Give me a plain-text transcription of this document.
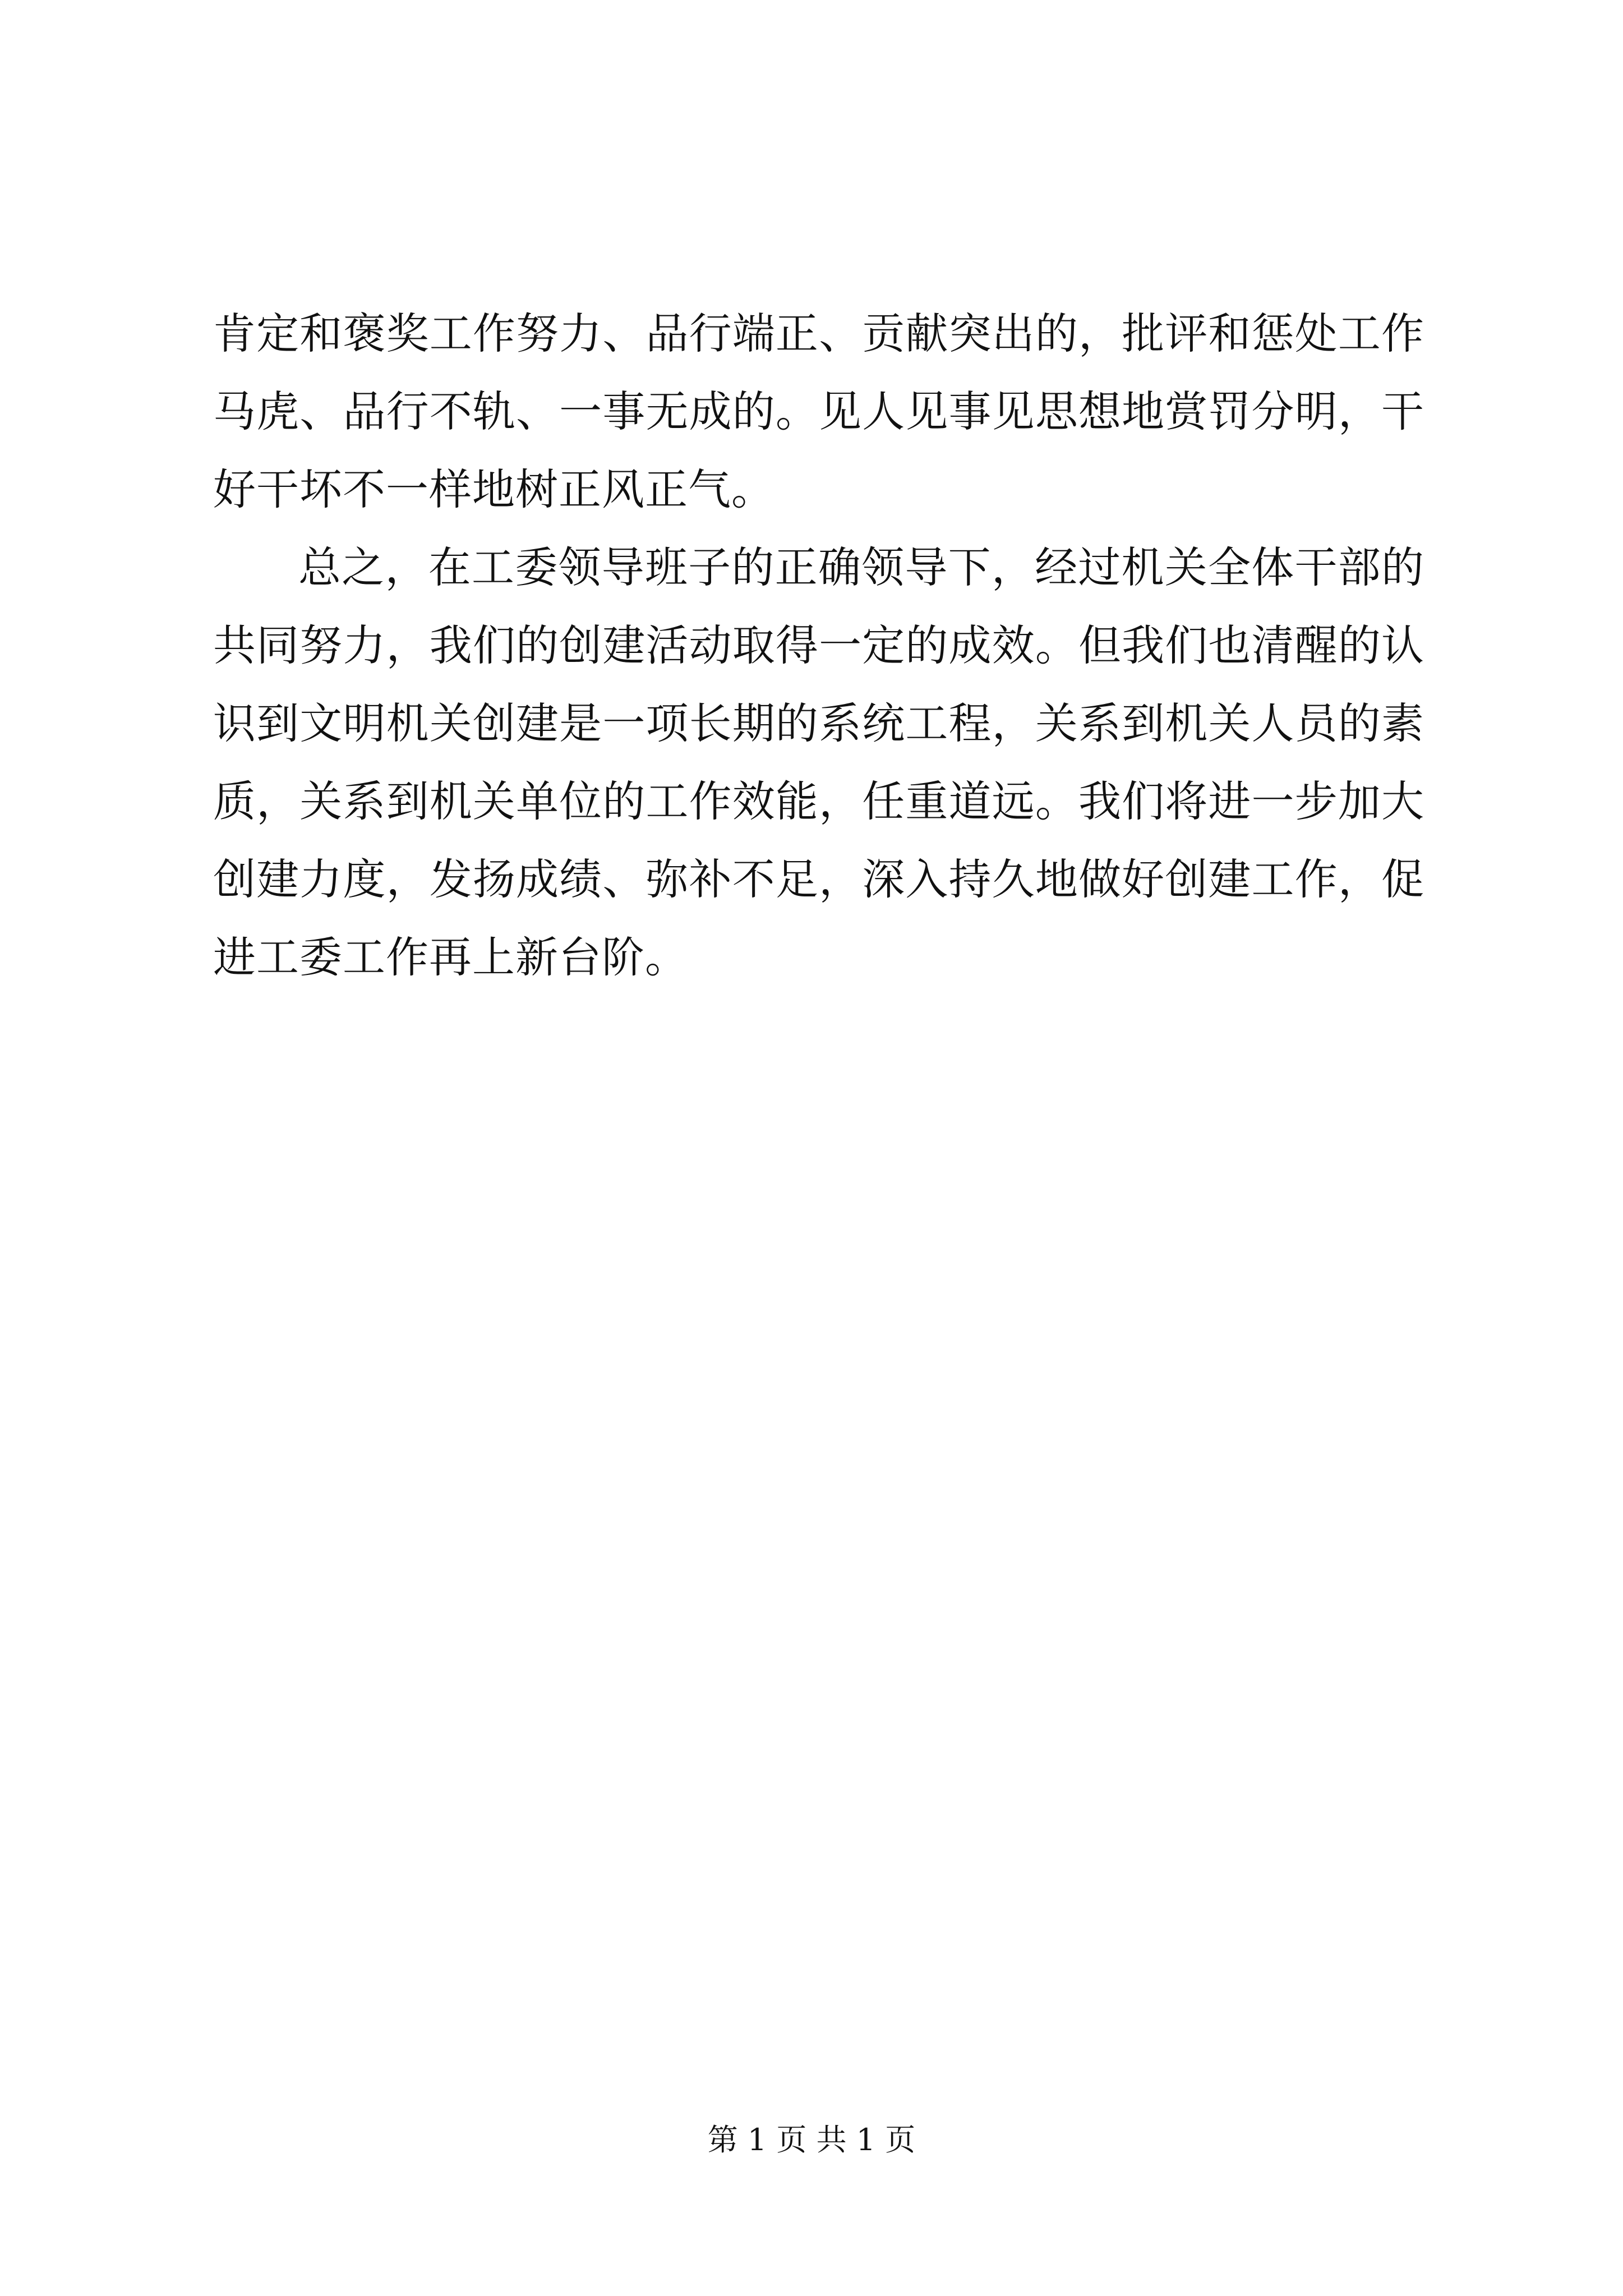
肯定和褒奖工作努力、品行端正、贡献突出的，批评和惩处工作马虎、品行不轨、一事无成的。见人见事见思想地赏罚分明，干好干坏不一样地树正风正气。

总之，在工委领导班子的正确领导下，经过机关全体干部的共同努力，我们的创建活动取得一定的成效。但我们也清醒的认识到文明机关创建是一项长期的系统工程，关系到机关人员的素质，关系到机关单位的工作效能，任重道远。我们将进一步加大创建力度，发扬成绩、弥补不足，深入持久地做好创建工作，促进工委工作再上新台阶。

第 1 页 共 1 页
